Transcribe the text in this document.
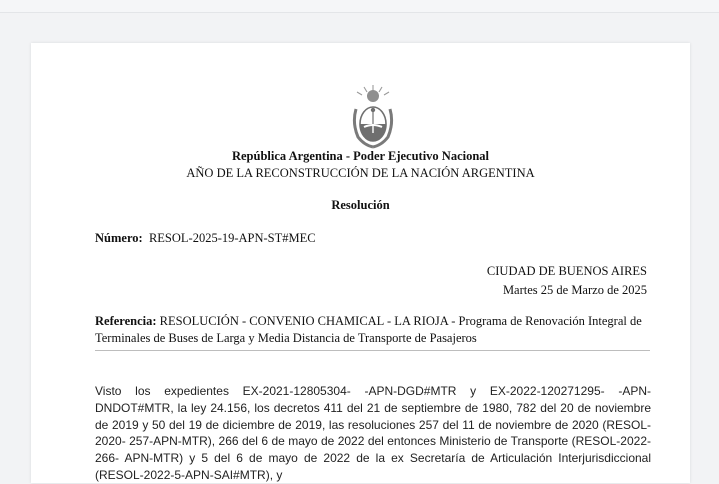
República Argentina - Poder Ejecutivo Nacional
AÑO DE LA RECONSTRUCCIÓN DE LA NACIÓN ARGENTINA
Resolución
Número: RESOL-2025-19-APN-ST#MEC
CIUDAD DE BUENOS AIRES
Martes 25 de Marzo de 2025
Referencia: RESOLUCIÓN - CONVENIO CHAMICAL - LA RIOJA - Programa de Renovación Integral de Terminales de Buses de Larga y Media Distancia de Transporte de Pasajeros
Visto los expedientes EX-2021-12805304- -APN-DGD#MTR y EX-2022-120271295- -APN-DNDOT#MTR, la ley 24.156, los decretos 411 del 21 de septiembre de 1980, 782 del 20 de noviembre de 2019 y 50 del 19 de diciembre de 2019, las resoluciones 257 del 11 de noviembre de 2020 (RESOL-2020- 257-APN-MTR), 266 del 6 de mayo de 2022 del entonces Ministerio de Transporte (RESOL-2022-266- APN-MTR) y 5 del 6 de mayo de 2022 de la ex Secretaría de Articulación Interjurisdiccional (RESOL-2022-5-APN-SAI#MTR), y
